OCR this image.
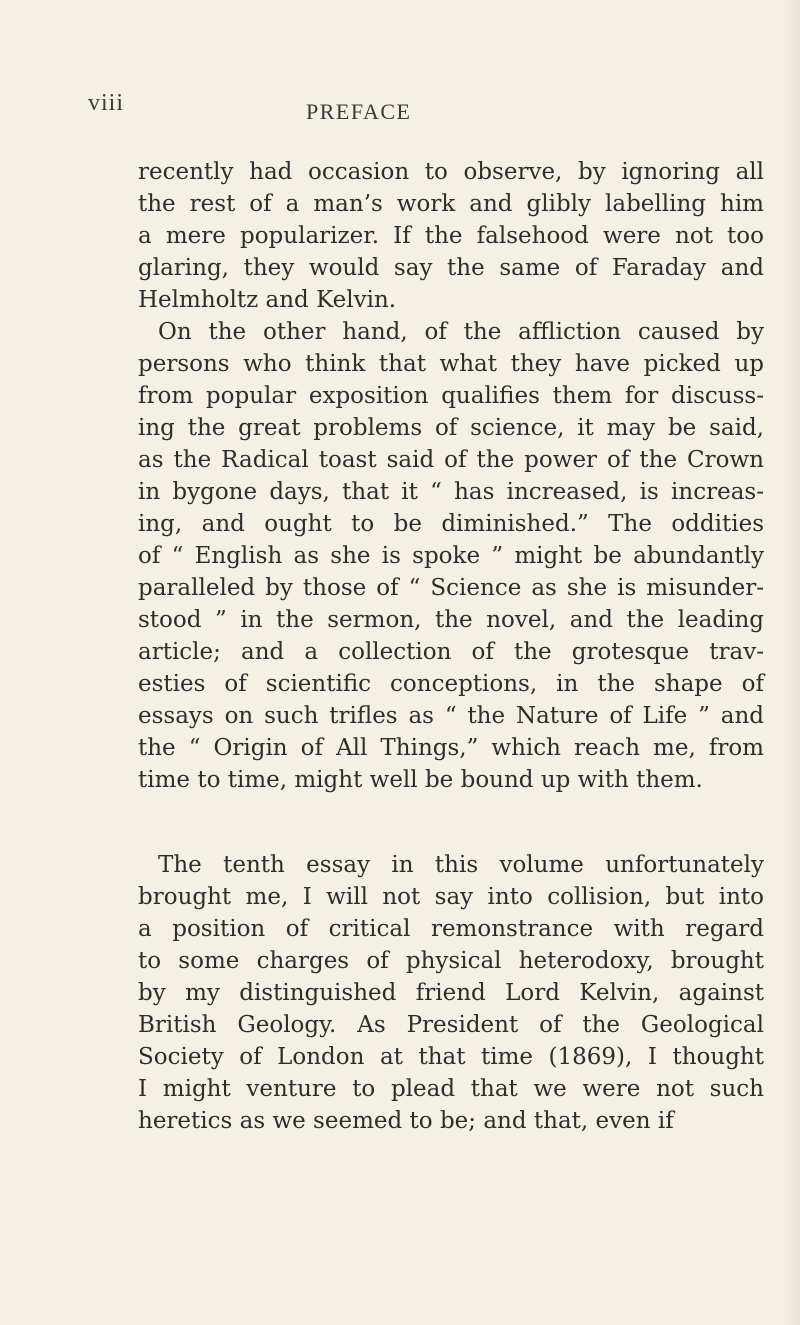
viii	PREFACE
recently had occasion to observe, by ignoring all
the rest of a man’s work and glibly labelling him
a mere popularizer. If the falsehood were not too
glaring, they would say the same of Faraday and
Helmholtz and Kelvin.
On the other hand, of the affliction caused by
persons who think that what they have picked up
from popular exposition qualifies them for discuss-
ing the great problems of science, it may be said,
as the Radical toast said of the power of the Crown
in bygone days, that it “ has increased, is increas-
ing, and ought to be diminished.” The oddities
of “ English as she is spoke ” might be abundantly
paralleled by those of “ Science as she is misunder-
stood ” in the sermon, the novel, and the leading
article; and a collection of the grotesque trav-
esties of scientific conceptions, in the shape of
essays on such trifles as “ the Nature of Life ” and
the “ Origin of All Things,” which reach me, from
time to time, might well be bound up with them.
The tenth essay in this volume unfortunately
brought me, I will not say into collision, but into
a position of critical remonstrance with regard
to some charges of physical heterodoxy, brought
by my distinguished friend Lord Kelvin, against
British Geology. As President of the Geological
Society of London at that time (1869), I thought
I might venture to plead that we were not such
heretics as we seemed to be; and that, even if
